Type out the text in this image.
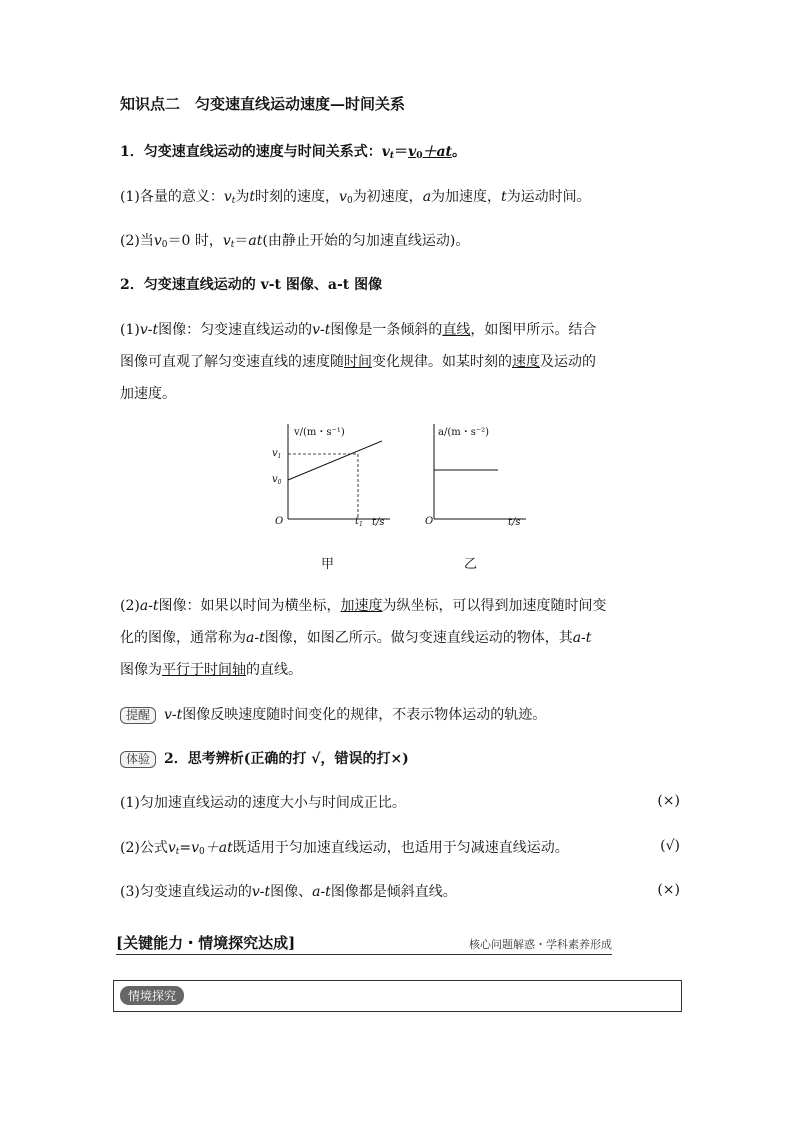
知识点二　匀变速直线运动速度—时间关系
1．匀变速直线运动的速度与时间关系式：$v_t=v_0+at$。
(1)各量的意义：$v_t$为t时刻的速度，$v_0$为初速度，a为加速度，t为运动时间。
(2)当$v_0=0$ 时，$v_t=at$(由静止开始的匀加速直线运动)。
2．匀变速直线运动的 v-t 图像、a-t 图像
(1)v-t图像：匀变速直线运动的v-t图像是一条倾斜的直线，如图甲所示。结合
图像可直观了解匀变速直线的速度随时间变化规律。如某时刻的速度及运动的
加速度。
v/(m・s⁻¹)
$v_1$
$v_0$
O	$t_1$ t/s
甲
a/(m・s⁻²)
O	t/s
乙
(2)a-t图像：如果以时间为横坐标，加速度为纵坐标，可以得到加速度随时间变
化的图像，通常称为a-t图像，如图乙所示。做匀变速直线运动的物体，其a-t
图像为平行于时间轴的直线。
提醒 v-t图像反映速度随时间变化的规律，不表示物体运动的轨迹。
体验 2．思考辨析(正确的打 √，错误的打×)
(1)匀加速直线运动的速度大小与时间成正比。	(×)
(2)公式$v_t=v_0+at$既适用于匀加速直线运动，也适用于匀减速直线运动。	(√)
(3)匀变速直线运动的v-t图像、a-t图像都是倾斜直线。	(×)
[关键能力・情境探究达成]	核心问题解惑・学科素养形成
情境探究
